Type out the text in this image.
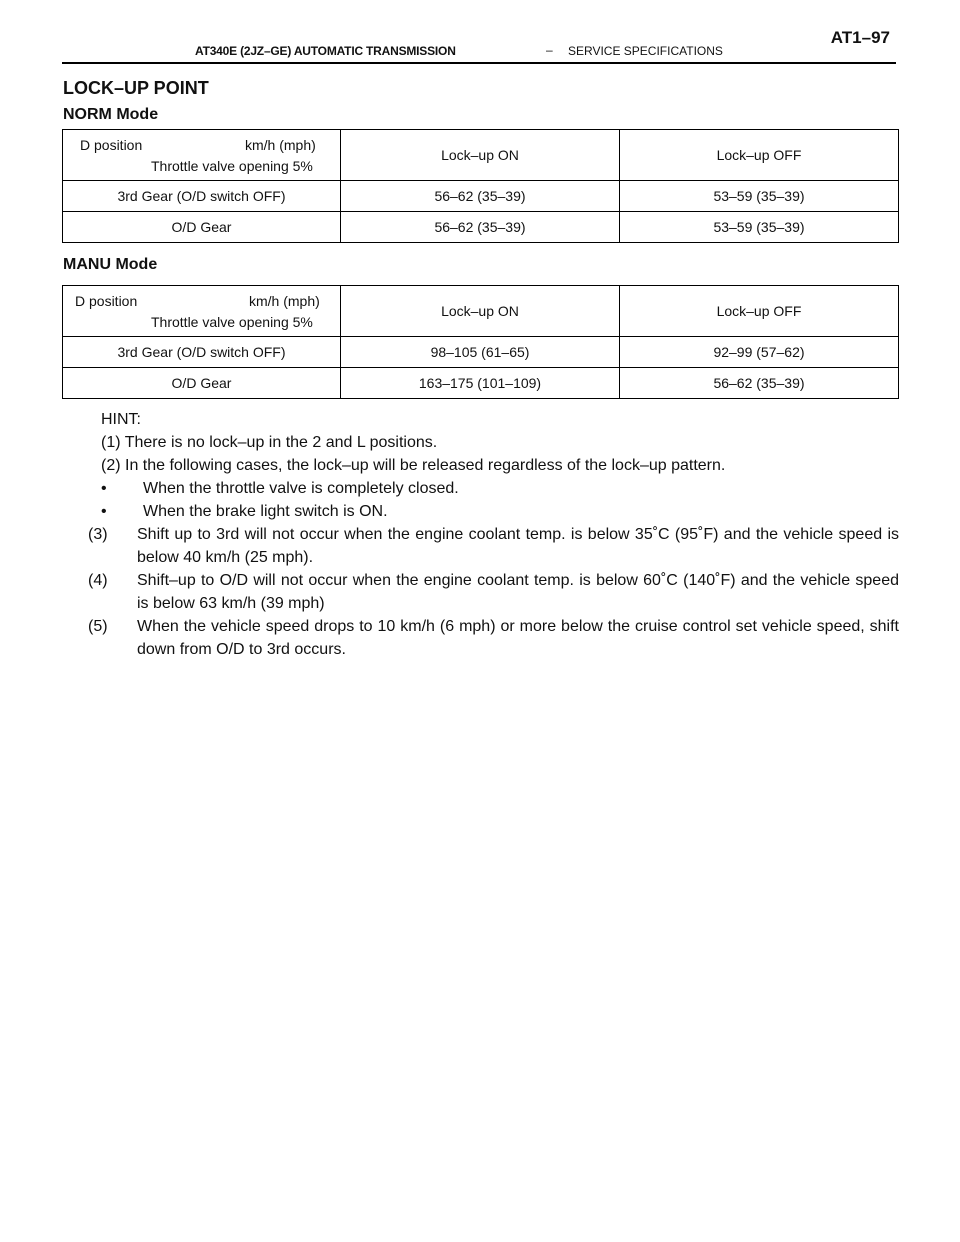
AT340E (2JZ–GE) AUTOMATIC TRANSMISSION	– SERVICE SPECIFICATIONS
AT1–97
LOCK–UP POINT
NORM Mode
D position km/h (mph)
Throttle valve opening 5%	Lock–up ON	Lock–up OFF
3rd Gear (O/D switch OFF)	56–62 (35–39)	53–59 (35–39)
O/D Gear	56–62 (35–39)	53–59 (35–39)
MANU Mode
D position km/h (mph)
Throttle valve opening 5%	Lock–up ON	Lock–up OFF
3rd Gear (O/D switch OFF)	98–105 (61–65)	92–99 (57–62)
O/D Gear	163–175 (101–109)	56–62 (35–39)
HINT:
(1) There is no lock–up in the 2 and L positions.
(2) In the following cases, the lock–up will be released regardless of the lock–up pattern.
• When the throttle valve is completely closed.
• When the brake light switch is ON.
(3) Shift up to 3rd will not occur when the engine coolant temp. is below 35˚C (95˚F) and the vehicle speed is below 40 km/h (25 mph).
(4) Shift–up to O/D will not occur when the engine coolant temp. is below 60˚C (140˚F) and the vehicle speed is below 63 km/h (39 mph)
(5) When the vehicle speed drops to 10 km/h (6 mph) or more below the cruise control set vehicle speed, shift down from O/D to 3rd occurs.
